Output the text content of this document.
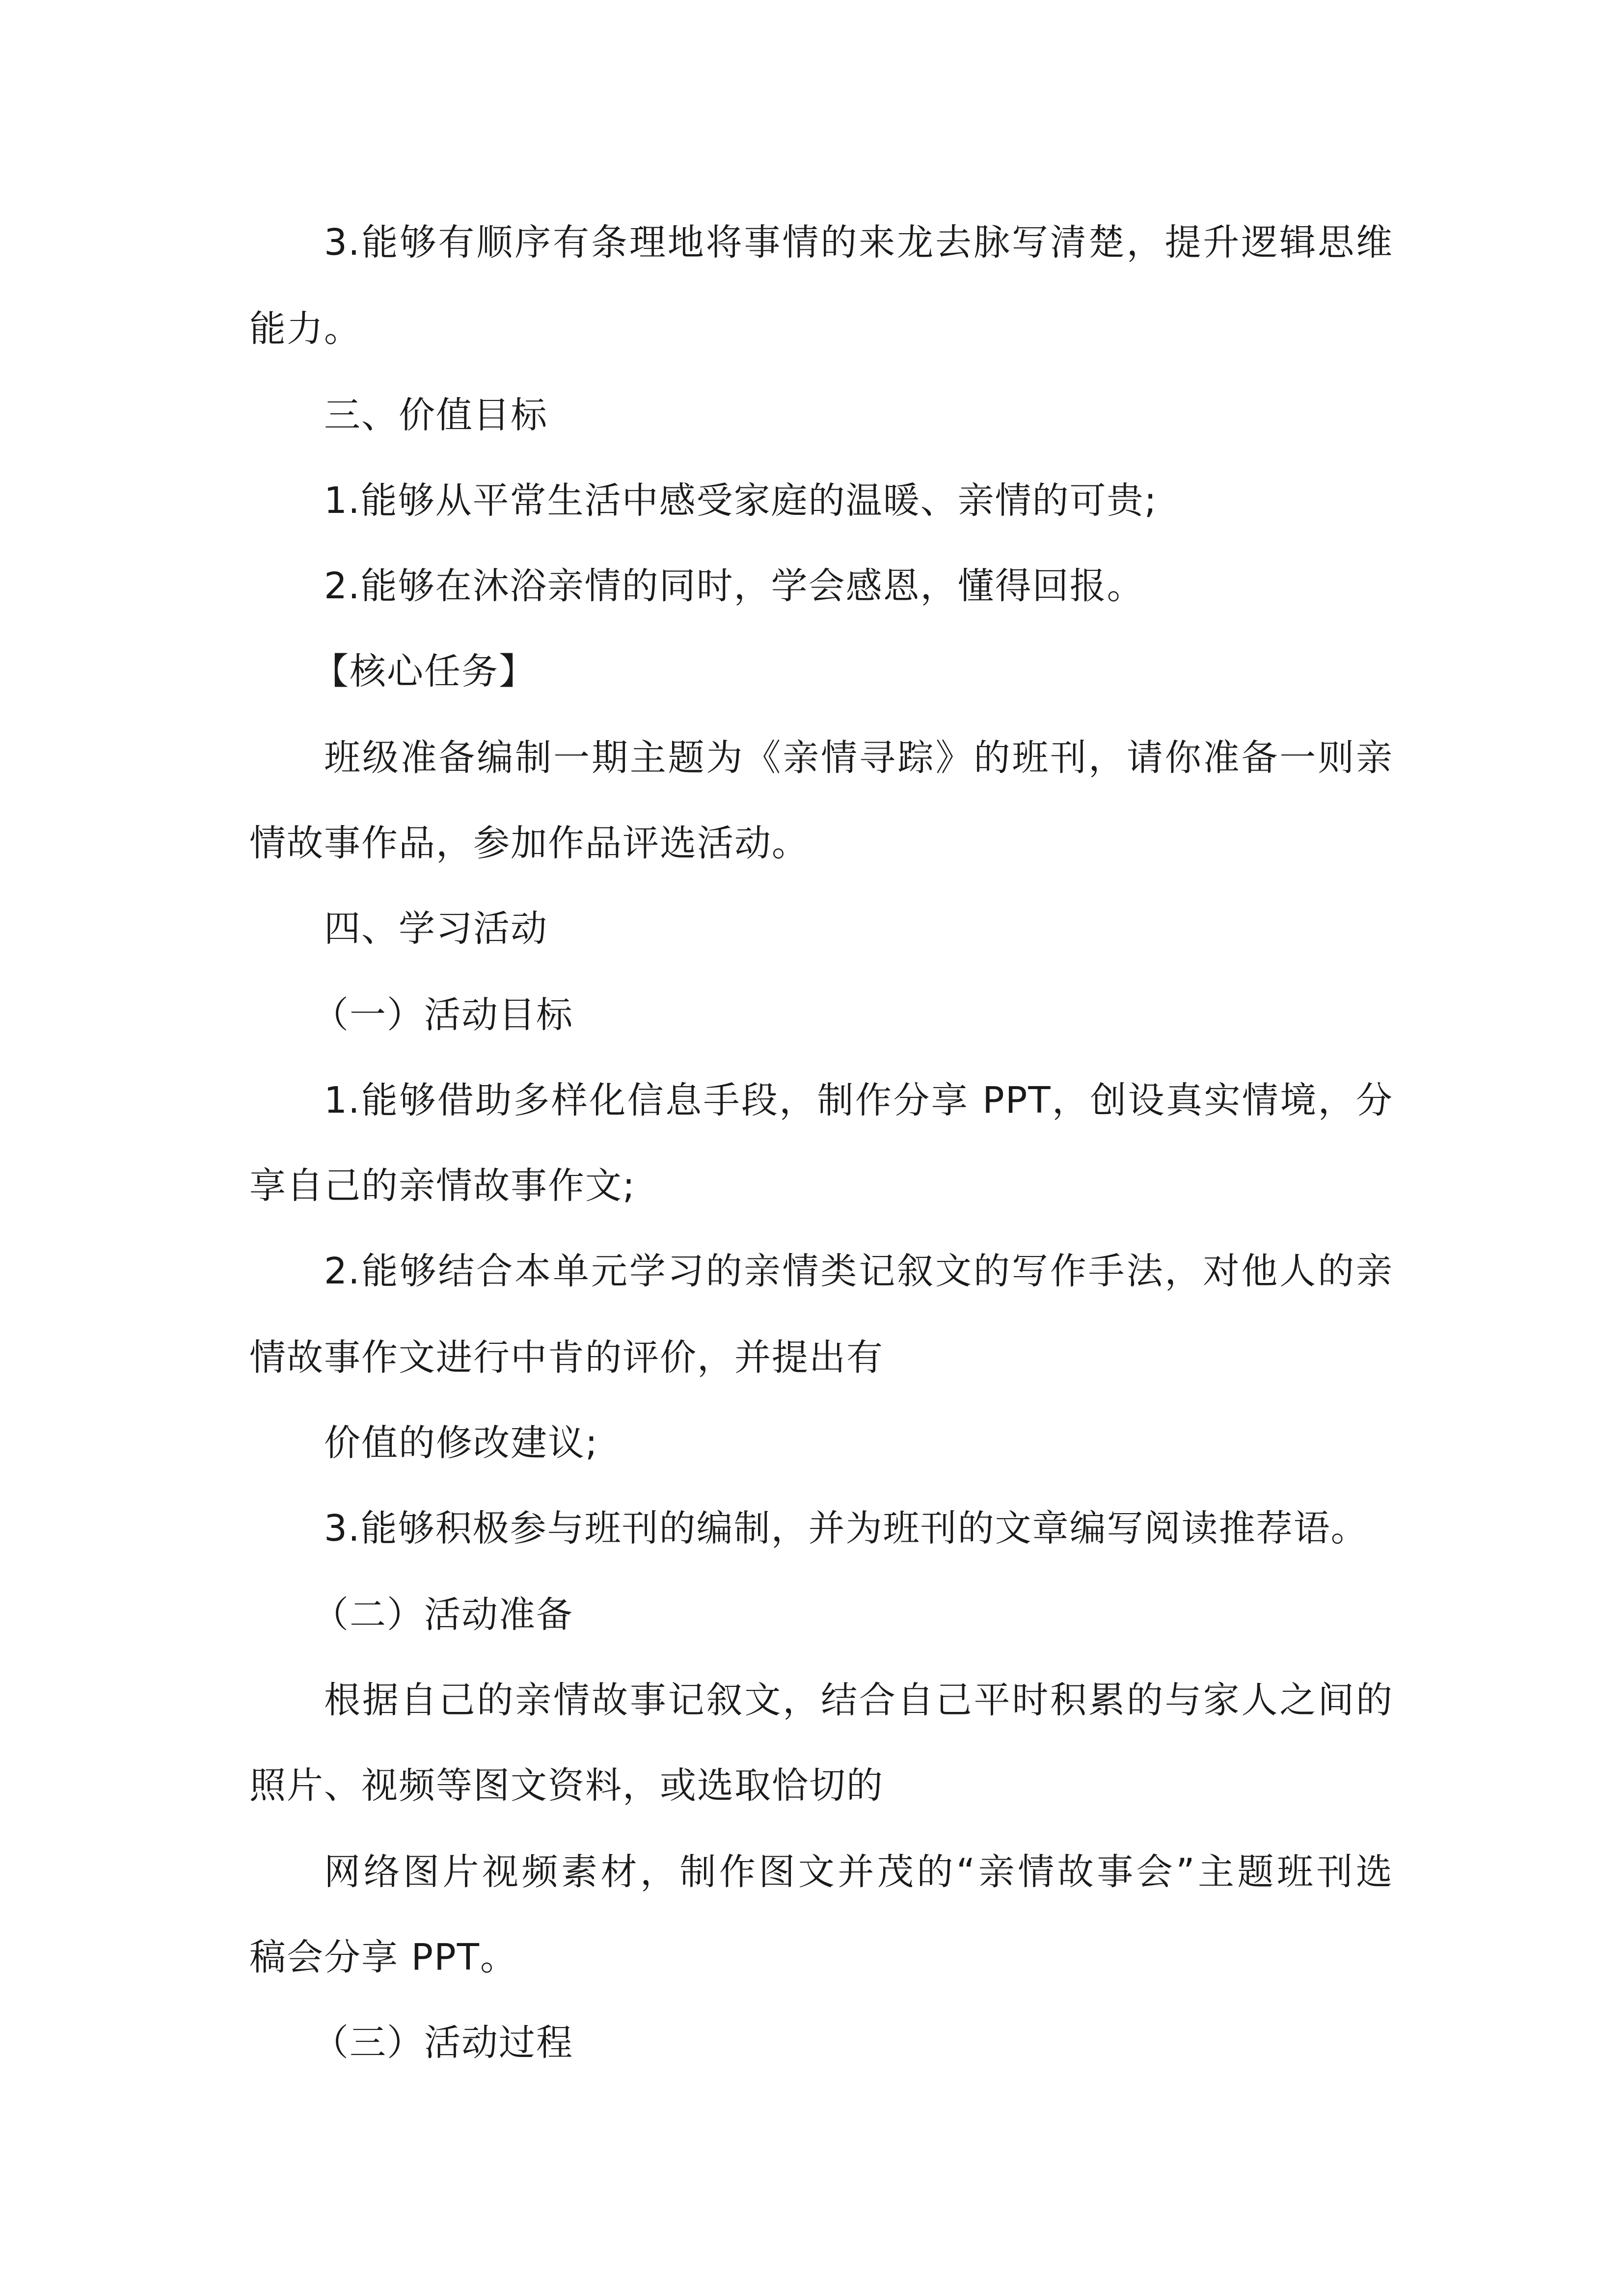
3.能够有顺序有条理地将事情的来龙去脉写清楚，提升逻辑思维
能力。
三、价值目标
1.能够从平常生活中感受家庭的温暖、亲情的可贵;
2.能够在沐浴亲情的同时，学会感恩，懂得回报。
【核心任务】
班级准备编制一期主题为《亲情寻踪》的班刊，请你准备一则亲
情故事作品，参加作品评选活动。
四、学习活动
（一）活动目标
1.能够借助多样化信息手段，制作分享 PPT，创设真实情境，分
享自己的亲情故事作文;
2.能够结合本单元学习的亲情类记叙文的写作手法，对他人的亲
情故事作文进行中肯的评价，并提出有
价值的修改建议;
3.能够积极参与班刊的编制，并为班刊的文章编写阅读推荐语。
（二）活动准备
根据自己的亲情故事记叙文，结合自己平时积累的与家人之间的
照片、视频等图文资料，或选取恰切的
网络图片视频素材，制作图文并茂的“亲情故事会”主题班刊选
稿会分享 PPT。
（三）活动过程
